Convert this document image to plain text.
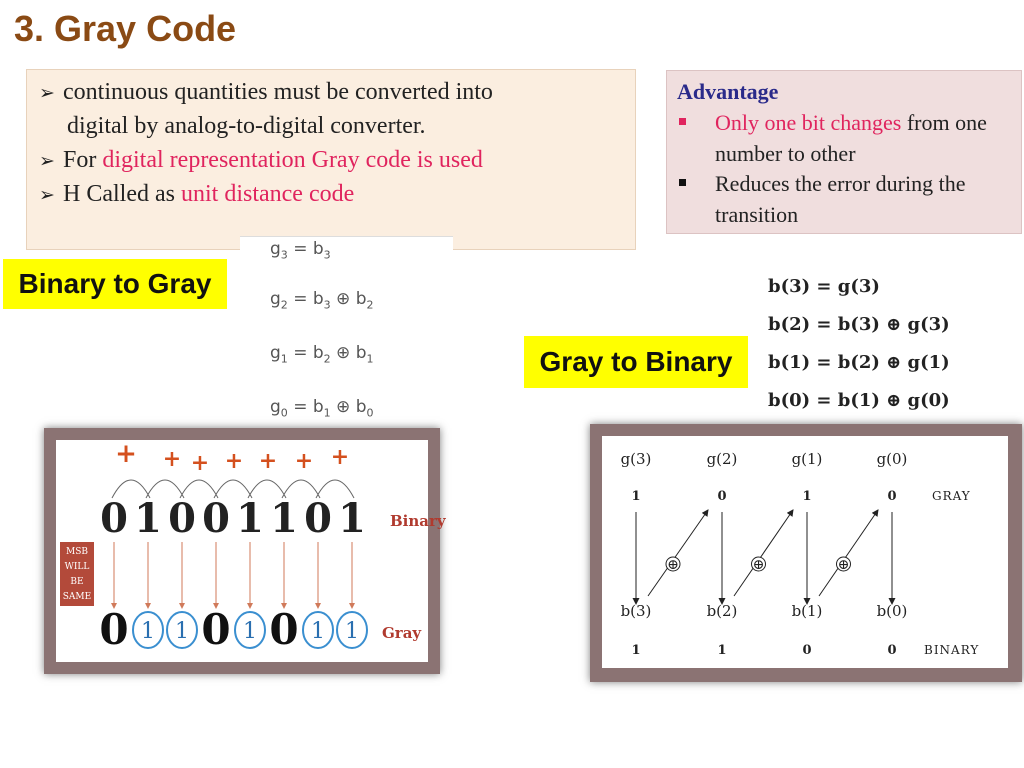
3. Gray Code
➢ continuous quantities must be converted into
digital by analog-to-digital converter.
➢ For digital representation Gray code is used
➢ H Called as unit distance code
Advantage
Only one bit changes from one number to other
Reduces the error during the transition
$g_3 = b_3$
$g_2 = b_3$ ⊕ $b_2$
$g_1 = b_2$ ⊕ $b_1$
$g_0 = b_1$ ⊕ $b_0$
Binary to Gray	b(3) = g(3)
b(2) = b(3) ⊕ g(3)
b(1) = b(2) ⊕ g(1)
b(0) = b(1) ⊕ g(0)
Gray to Binary
+ + + + + + +
0 1 0 0 1 1 0 1 Binary
MSB
WILL
BE
SAME
0 1 1 0 1 0 1 1 Gray
g(3)	g(2)	g(1)	g(0)
1	0	1	0	GRAY
⊕	⊕	⊕
b(3)	b(2)	b(1)	b(0)
1	1	0	0 BINARY
